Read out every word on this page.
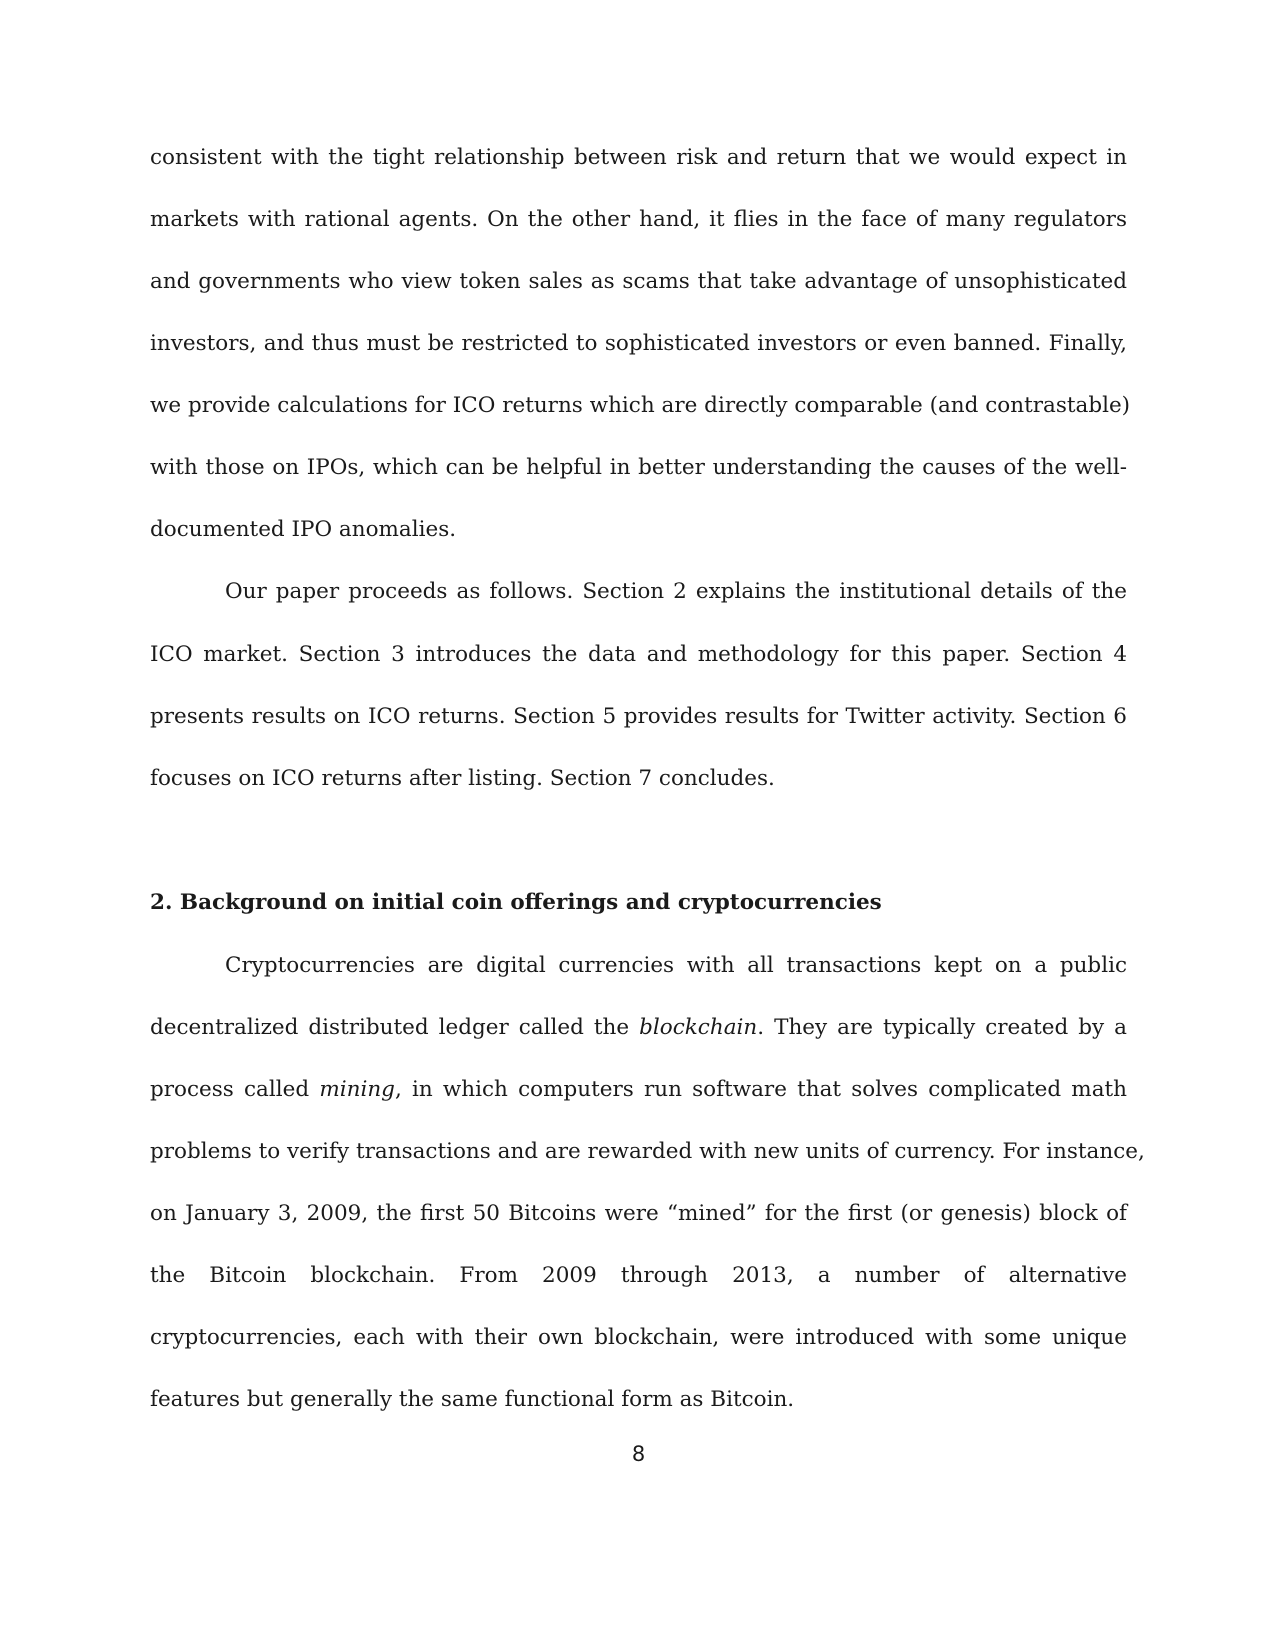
consistent with the tight relationship between risk and return that we would expect in
markets with rational agents. On the other hand, it flies in the face of many regulators
and governments who view token sales as scams that take advantage of unsophisticated
investors, and thus must be restricted to sophisticated investors or even banned. Finally,
we provide calculations for ICO returns which are directly comparable (and contrastable)
with those on IPOs, which can be helpful in better understanding the causes of the well-
documented IPO anomalies.
Our paper proceeds as follows. Section 2 explains the institutional details of the
ICO market. Section 3 introduces the data and methodology for this paper. Section 4
presents results on ICO returns. Section 5 provides results for Twitter activity. Section 6
focuses on ICO returns after listing. Section 7 concludes.
2. Background on initial coin offerings and cryptocurrencies
Cryptocurrencies are digital currencies with all transactions kept on a public
decentralized distributed ledger called the blockchain. They are typically created by a
process called mining, in which computers run software that solves complicated math
problems to verify transactions and are rewarded with new units of currency. For instance,
on January 3, 2009, the first 50 Bitcoins were “mined” for the first (or genesis) block of
the Bitcoin blockchain. From 2009 through 2013, a number of alternative
cryptocurrencies, each with their own blockchain, were introduced with some unique
features but generally the same functional form as Bitcoin.
8
